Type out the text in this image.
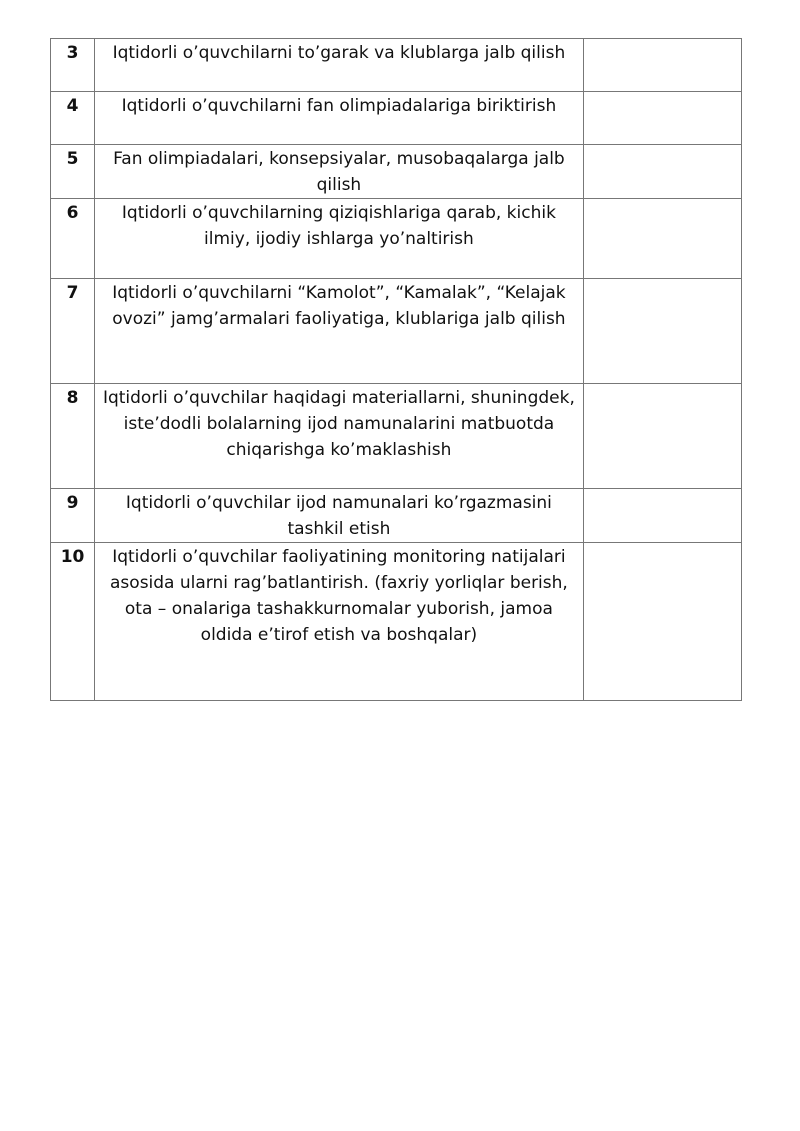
3	Iqtidorli o’quvchilarni to’garak va klublarga jalb qilish	
4	Iqtidorli o’quvchilarni fan olimpiadalariga biriktirish	
5	Fan olimpiadalari, konsepsiyalar, musobaqalarga jalb qilish	
6	Iqtidorli o’quvchilarning qiziqishlariga qarab, kichik ilmiy, ijodiy ishlarga yo’naltirish	
7	Iqtidorli o’quvchilarni “Kamolot”, “Kamalak”, “Kelajak ovozi” jamg’armalari faoliyatiga, klublariga jalb qilish	
8	Iqtidorli o’quvchilar haqidagi materiallarni, shuningdek, iste’dodli bolalarning ijod namunalarini matbuotda chiqarishga ko’maklashish	
9	Iqtidorli o’quvchilar ijod namunalari ko’rgazmasini tashkil etish	
10	Iqtidorli o’quvchilar faoliyatining monitoring natijalari asosida ularni rag’batlantirish. (faxriy yorliqlar berish, ota – onalariga tashakkurnomalar yuborish, jamoa oldida e’tirof etish va boshqalar)	
